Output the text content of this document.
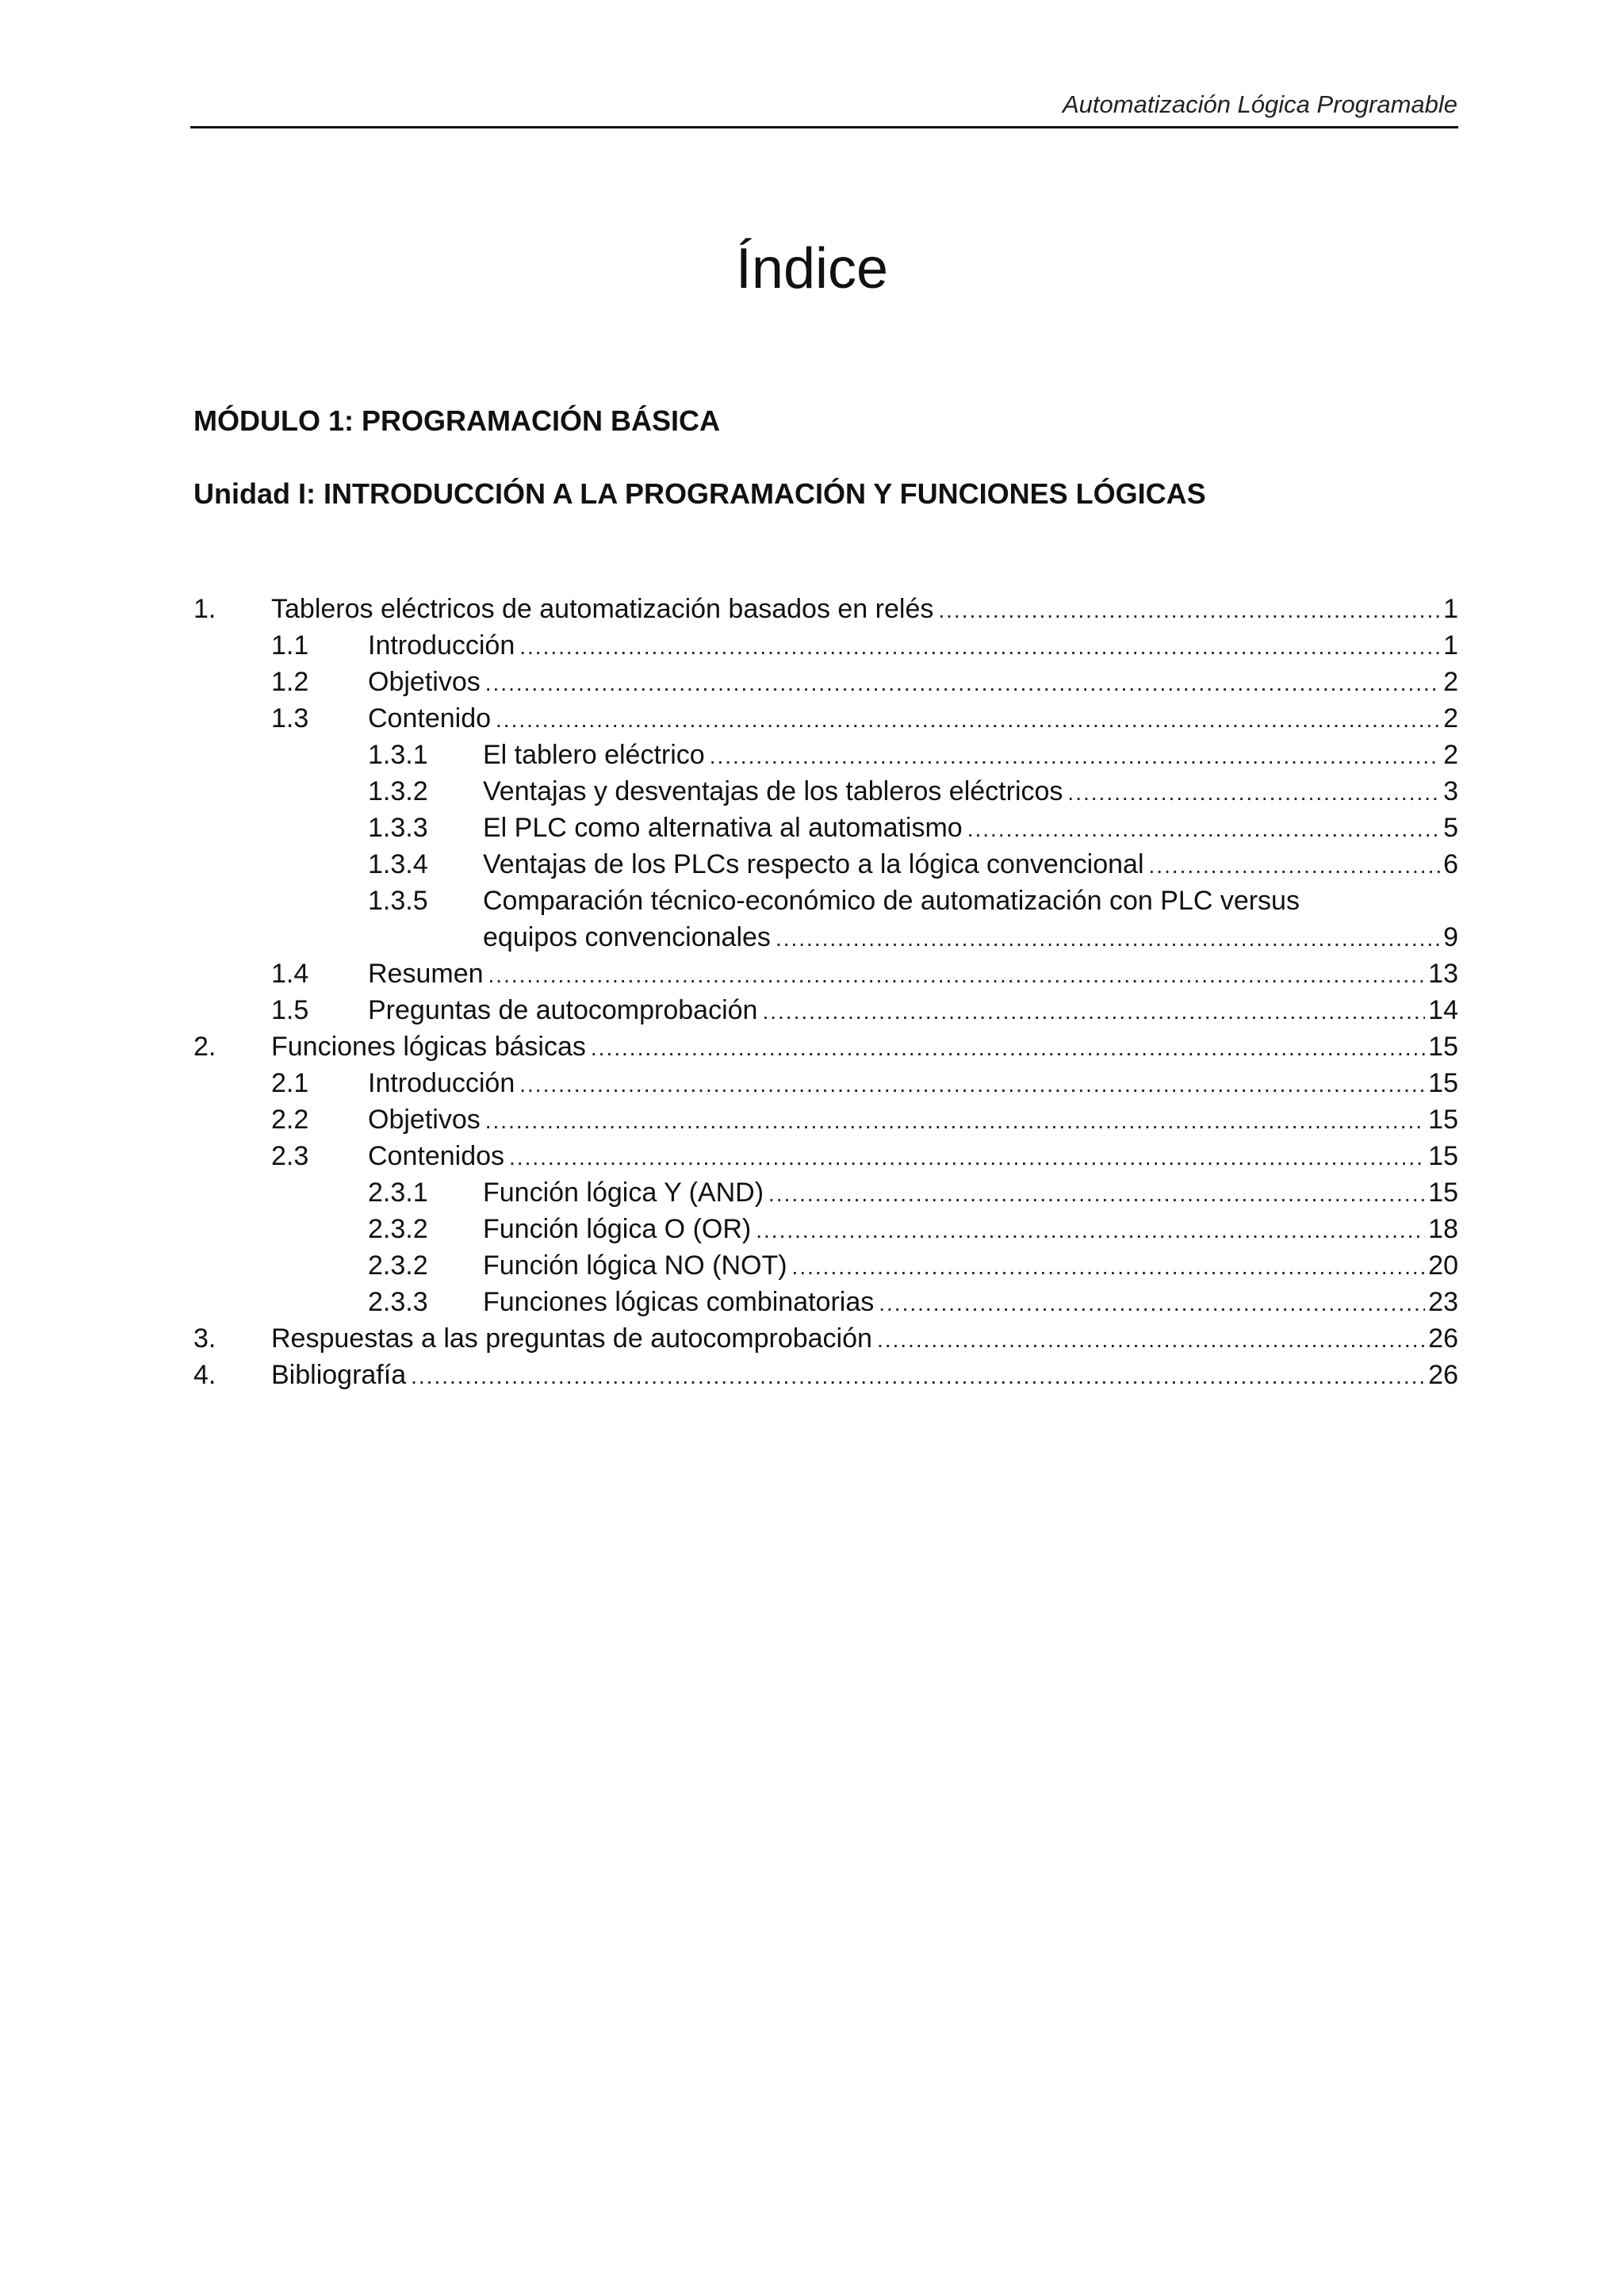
Automatización Lógica Programable
Índice
MÓDULO 1: PROGRAMACIÓN BÁSICA
Unidad I: INTRODUCCIÓN A LA PROGRAMACIÓN Y FUNCIONES LÓGICAS
1.	Tableros eléctricos de automatización basados en relés .....	1
1.1	Introducción .....	1
1.2	Objetivos .....	2
1.3	Contenido .....	2
1.3.1	El tablero eléctrico .....	2
1.3.2	Ventajas y desventajas de los tableros eléctricos .....	3
1.3.3	El PLC como alternativa al automatismo .....	5
1.3.4	Ventajas de los PLCs respecto a la lógica convencional .....	6
1.3.5	Comparación técnico-económico de automatización con PLC versus
equipos convencionales .....	9
1.4	Resumen .....	13
1.5	Preguntas de autocomprobación .....	14
2.	Funciones lógicas básicas .....	15
2.1	Introducción .....	15
2.2	Objetivos .....	15
2.3	Contenidos .....	15
2.3.1	Función lógica Y (AND) .....	15
2.3.2	Función lógica O (OR) .....	18
2.3.2	Función lógica NO (NOT) .....	20
2.3.3	Funciones lógicas combinatorias .....	23
3.	Respuestas a las preguntas de autocomprobación .....	26
4.	Bibliografía .....	26
